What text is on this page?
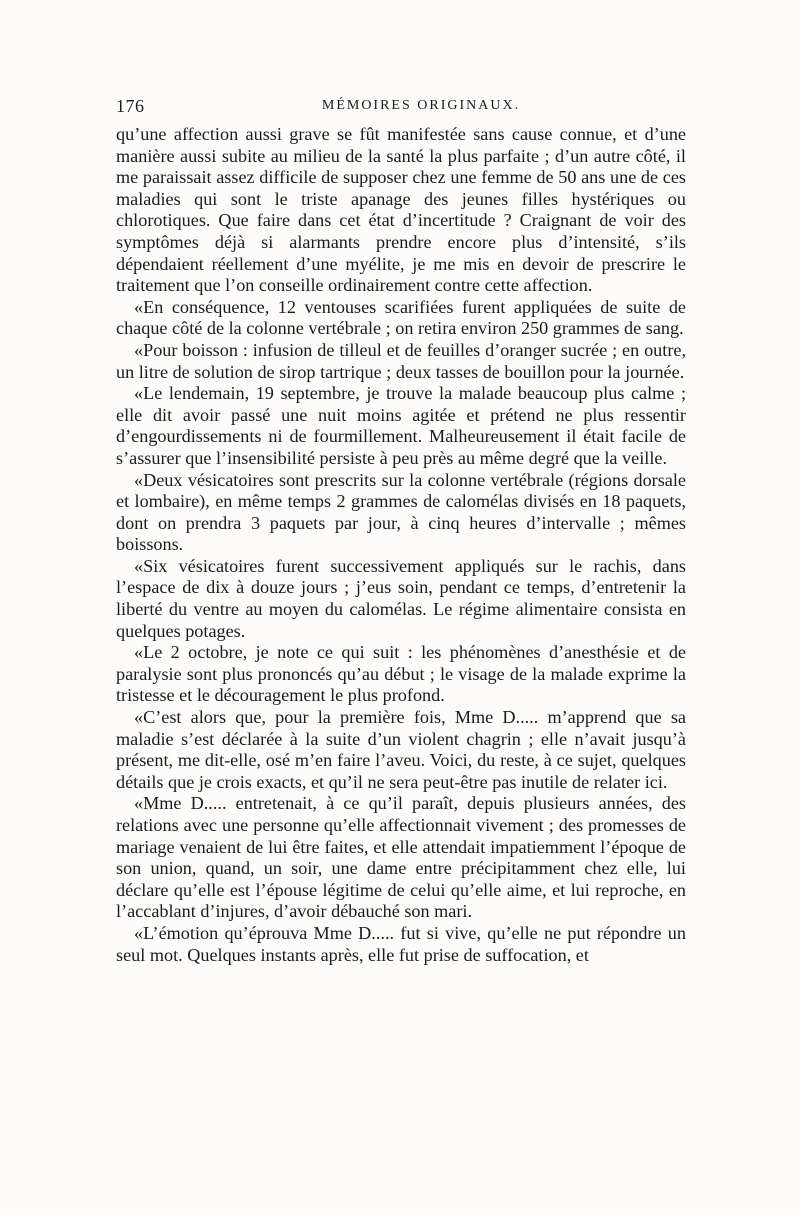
176	MÉMOIRES ORIGINAUX.

qu’une affection aussi grave se fût manifestée sans cause connue, et d’une manière aussi subite au milieu de la santé la plus parfaite ; d’un autre côté, il me paraissait assez difficile de supposer chez une femme de 50 ans une de ces maladies qui sont le triste apanage des jeunes filles hystériques ou chlorotiques. Que faire dans cet état d’incertitude ? Craignant de voir des symptômes déjà si alarmants prendre encore plus d’intensité, s’ils dépendaient réellement d’une myélite, je me mis en devoir de prescrire le traitement que l’on conseille ordinairement contre cette affection.

«En conséquence, 12 ventouses scarifiées furent appliquées de suite de chaque côté de la colonne vertébrale ; on retira environ 250 grammes de sang.

«Pour boisson : infusion de tilleul et de feuilles d’oranger sucrée ; en outre, un litre de solution de sirop tartrique ; deux tasses de bouillon pour la journée.

«Le lendemain, 19 septembre, je trouve la malade beaucoup plus calme ; elle dit avoir passé une nuit moins agitée et prétend ne plus ressentir d’engourdissements ni de fourmillement. Malheureusement il était facile de s’assurer que l’insensibilité persiste à peu près au même degré que la veille.

«Deux vésicatoires sont prescrits sur la colonne vertébrale (régions dorsale et lombaire), en même temps 2 grammes de calomélas divisés en 18 paquets, dont on prendra 3 paquets par jour, à cinq heures d’intervalle ; mêmes boissons.

«Six vésicatoires furent successivement appliqués sur le rachis, dans l’espace de dix à douze jours ; j’eus soin, pendant ce temps, d’entretenir la liberté du ventre au moyen du calomélas. Le régime alimentaire consista en quelques potages.

«Le 2 octobre, je note ce qui suit : les phénomènes d’anesthésie et de paralysie sont plus prononcés qu’au début ; le visage de la malade exprime la tristesse et le découragement le plus profond.

«C’est alors que, pour la première fois, Mme D..... m’apprend que sa maladie s’est déclarée à la suite d’un violent chagrin ; elle n’avait jusqu’à présent, me dit-elle, osé m’en faire l’aveu. Voici, du reste, à ce sujet, quelques détails que je crois exacts, et qu’il ne sera peut-être pas inutile de relater ici.

«Mme D..... entretenait, à ce qu’il paraît, depuis plusieurs années, des relations avec une personne qu’elle affectionnait vivement ; des promesses de mariage venaient de lui être faites, et elle attendait impatiemment l’époque de son union, quand, un soir, une dame entre précipitamment chez elle, lui déclare qu’elle est l’épouse légitime de celui qu’elle aime, et lui reproche, en l’accablant d’injures, d’avoir débauché son mari.

«L’émotion qu’éprouva Mme D..... fut si vive, qu’elle ne put répondre un seul mot. Quelques instants après, elle fut prise de suffocation, et
